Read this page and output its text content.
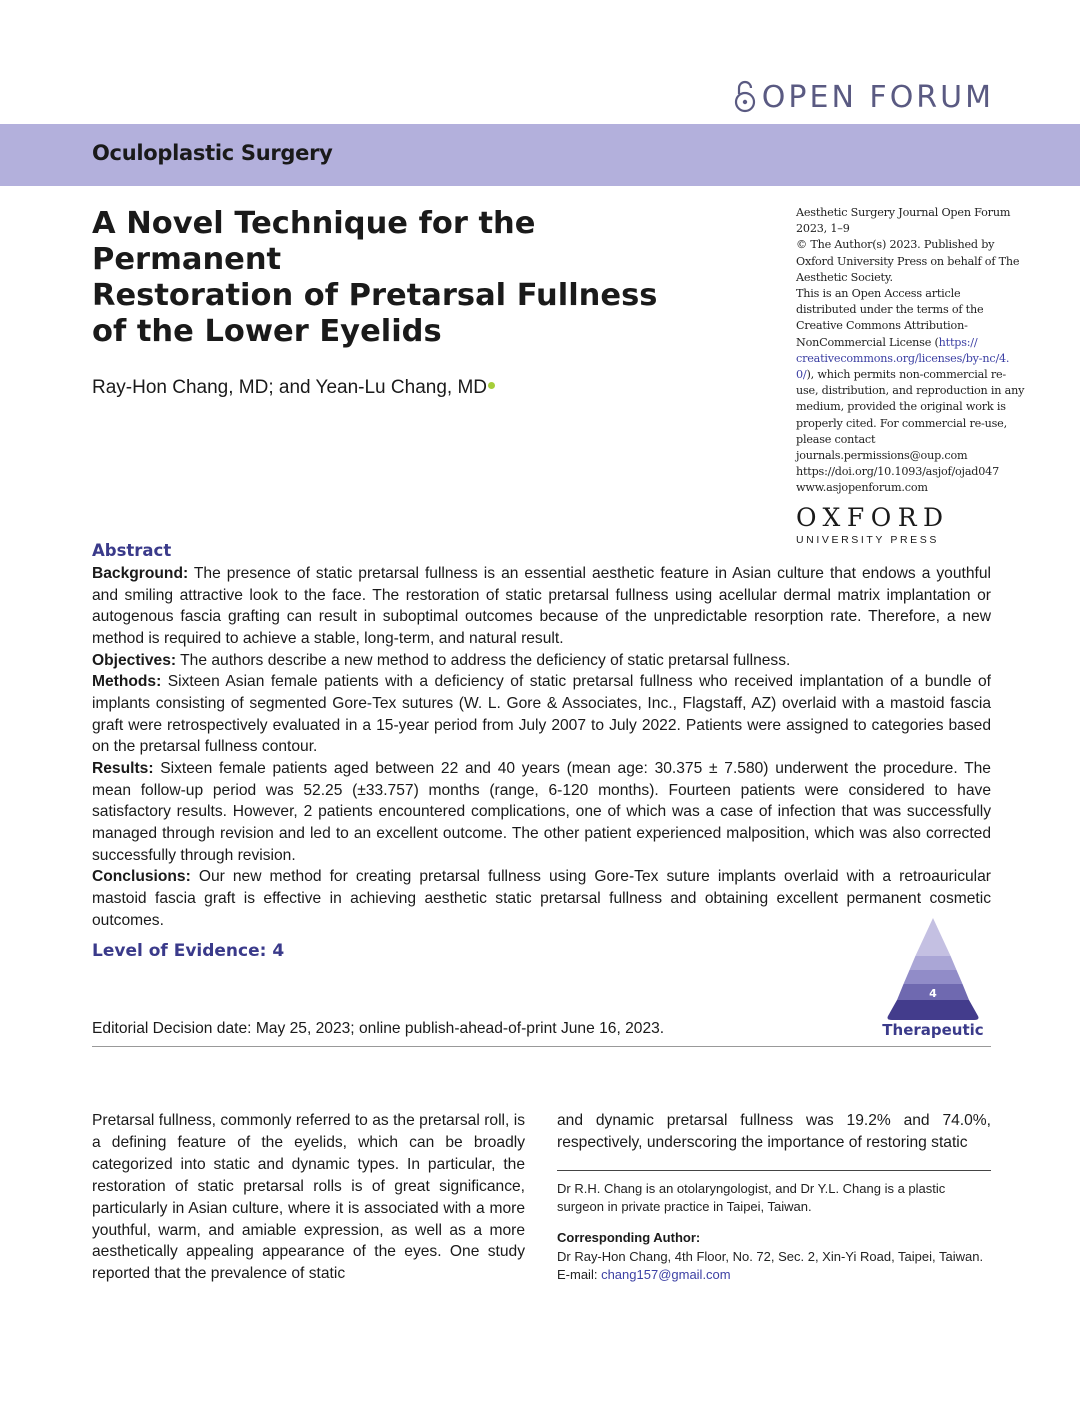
OPEN FORUM
Oculoplastic Surgery
A Novel Technique for the Permanent
Restoration of Pretarsal Fullness
of the Lower Eyelids
Ray-Hon Chang, MD; and Yean-Lu Chang, MD
Aesthetic Surgery Journal Open Forum
2023, 1–9
© The Author(s) 2023. Published by
Oxford University Press on behalf of The
Aesthetic Society.
This is an Open Access article
distributed under the terms of the
Creative Commons Attribution-
NonCommercial License (https://
creativecommons.org/licenses/by-nc/4.
0/), which permits non-commercial re-
use, distribution, and reproduction in any
medium, provided the original work is
properly cited. For commercial re-use,
please contact
journals.permissions@oup.com
https://doi.org/10.1093/asjof/ojad047
www.asjopenforum.com
OXFORD
UNIVERSITY PRESS
Abstract

Background: The presence of static pretarsal fullness is an essential aesthetic feature in Asian culture that endows a youthful and smiling attractive look to the face. The restoration of static pretarsal fullness using acellular dermal matrix implantation or autogenous fascia grafting can result in suboptimal outcomes because of the unpredictable resorption rate. Therefore, a new method is required to achieve a stable, long-term, and natural result.

Objectives: The authors describe a new method to address the deficiency of static pretarsal fullness.

Methods: Sixteen Asian female patients with a deficiency of static pretarsal fullness who received implantation of a bundle of implants consisting of segmented Gore-Tex sutures (W. L. Gore & Associates, Inc., Flagstaff, AZ) overlaid with a mastoid fascia graft were retrospectively evaluated in a 15-year period from July 2007 to July 2022. Patients were assigned to categories based on the pretarsal fullness contour.

Results: Sixteen female patients aged between 22 and 40 years (mean age: 30.375 ± 7.580) underwent the procedure. The mean follow-up period was 52.25 (±33.757) months (range, 6-120 months). Fourteen patients were considered to have satisfactory results. However, 2 patients encountered complications, one of which was a case of infection that was successfully managed through revision and led to an excellent outcome. The other patient experienced malposition, which was also corrected successfully through revision.

Conclusions: Our new method for creating pretarsal fullness using Gore-Tex suture implants overlaid with a retroauricular mastoid fascia graft is effective in achieving aesthetic static pretarsal fullness and obtaining excellent permanent cosmetic outcomes.

Level of Evidence: 4
4
Therapeutic
Editorial Decision date: May 25, 2023; online publish-ahead-of-print June 16, 2023.

Pretarsal fullness, commonly referred to as the pretarsal roll, is a defining feature of the eyelids, which can be broadly categorized into static and dynamic types. In particular, the restoration of static pretarsal rolls is of great significance, particularly in Asian culture, where it is associated with a more youthful, warm, and amiable expression, as well as a more aesthetically appealing appearance of the eyes. One study reported that the prevalence of static

and dynamic pretarsal fullness was 19.2% and 74.0%, respectively, underscoring the importance of restoring static

Dr R.H. Chang is an otolaryngologist, and Dr Y.L. Chang is a plastic surgeon in private practice in Taipei, Taiwan.

Corresponding Author:
Dr Ray-Hon Chang, 4th Floor, No. 72, Sec. 2, Xin-Yi Road, Taipei, Taiwan.
E-mail: chang157@gmail.com
